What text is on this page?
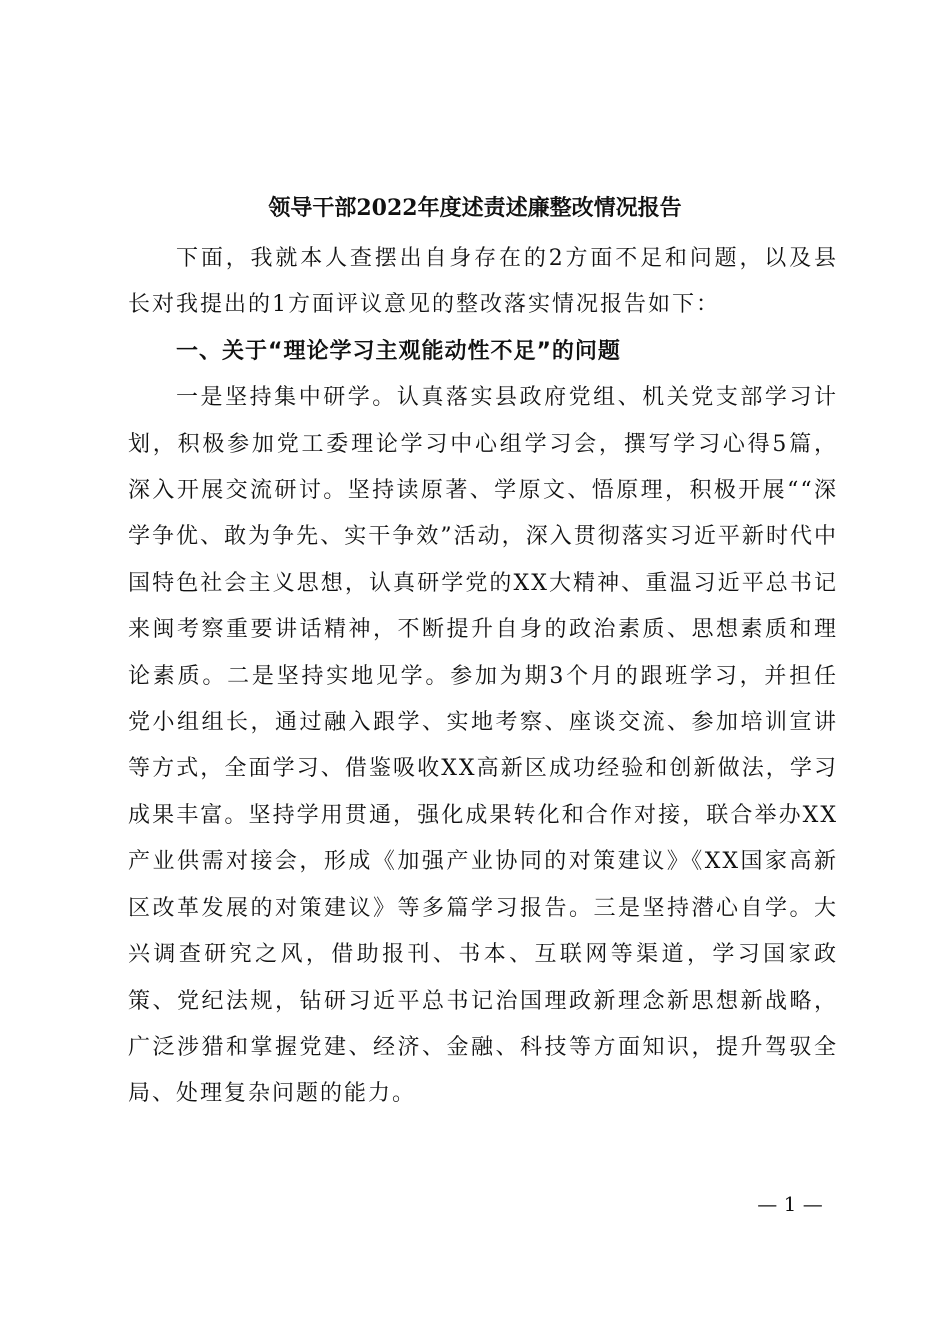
领导干部2022年度述责述廉整改情况报告

下面，我就本人查摆出自身存在的2方面不足和问题，以及县长对我提出的1方面评议意见的整改落实情况报告如下：

一、关于“理论学习主观能动性不足”的问题

一是坚持集中研学。认真落实县政府党组、机关党支部学习计划，积极参加党工委理论学习中心组学习会，撰写学习心得5篇，深入开展交流研讨。坚持读原著、学原文、悟原理，积极开展““深学争优、敢为争先、实干争效”活动，深入贯彻落实习近平新时代中国特色社会主义思想，认真研学党的XX大精神、重温习近平总书记来闽考察重要讲话精神，不断提升自身的政治素质、思想素质和理论素质。二是坚持实地见学。参加为期3个月的跟班学习，并担任党小组组长，通过融入跟学、实地考察、座谈交流、参加培训宣讲等方式，全面学习、借鉴吸收XX高新区成功经验和创新做法，学习成果丰富。坚持学用贯通，强化成果转化和合作对接，联合举办XX产业供需对接会，形成《加强产业协同的对策建议》《XX国家高新区改革发展的对策建议》等多篇学习报告。三是坚持潜心自学。大兴调查研究之风，借助报刊、书本、互联网等渠道，学习国家政策、党纪法规，钻研习近平总书记治国理政新理念新思想新战略，广泛涉猎和掌握党建、经济、金融、科技等方面知识，提升驾驭全局、处理复杂问题的能力。

— 1 —
